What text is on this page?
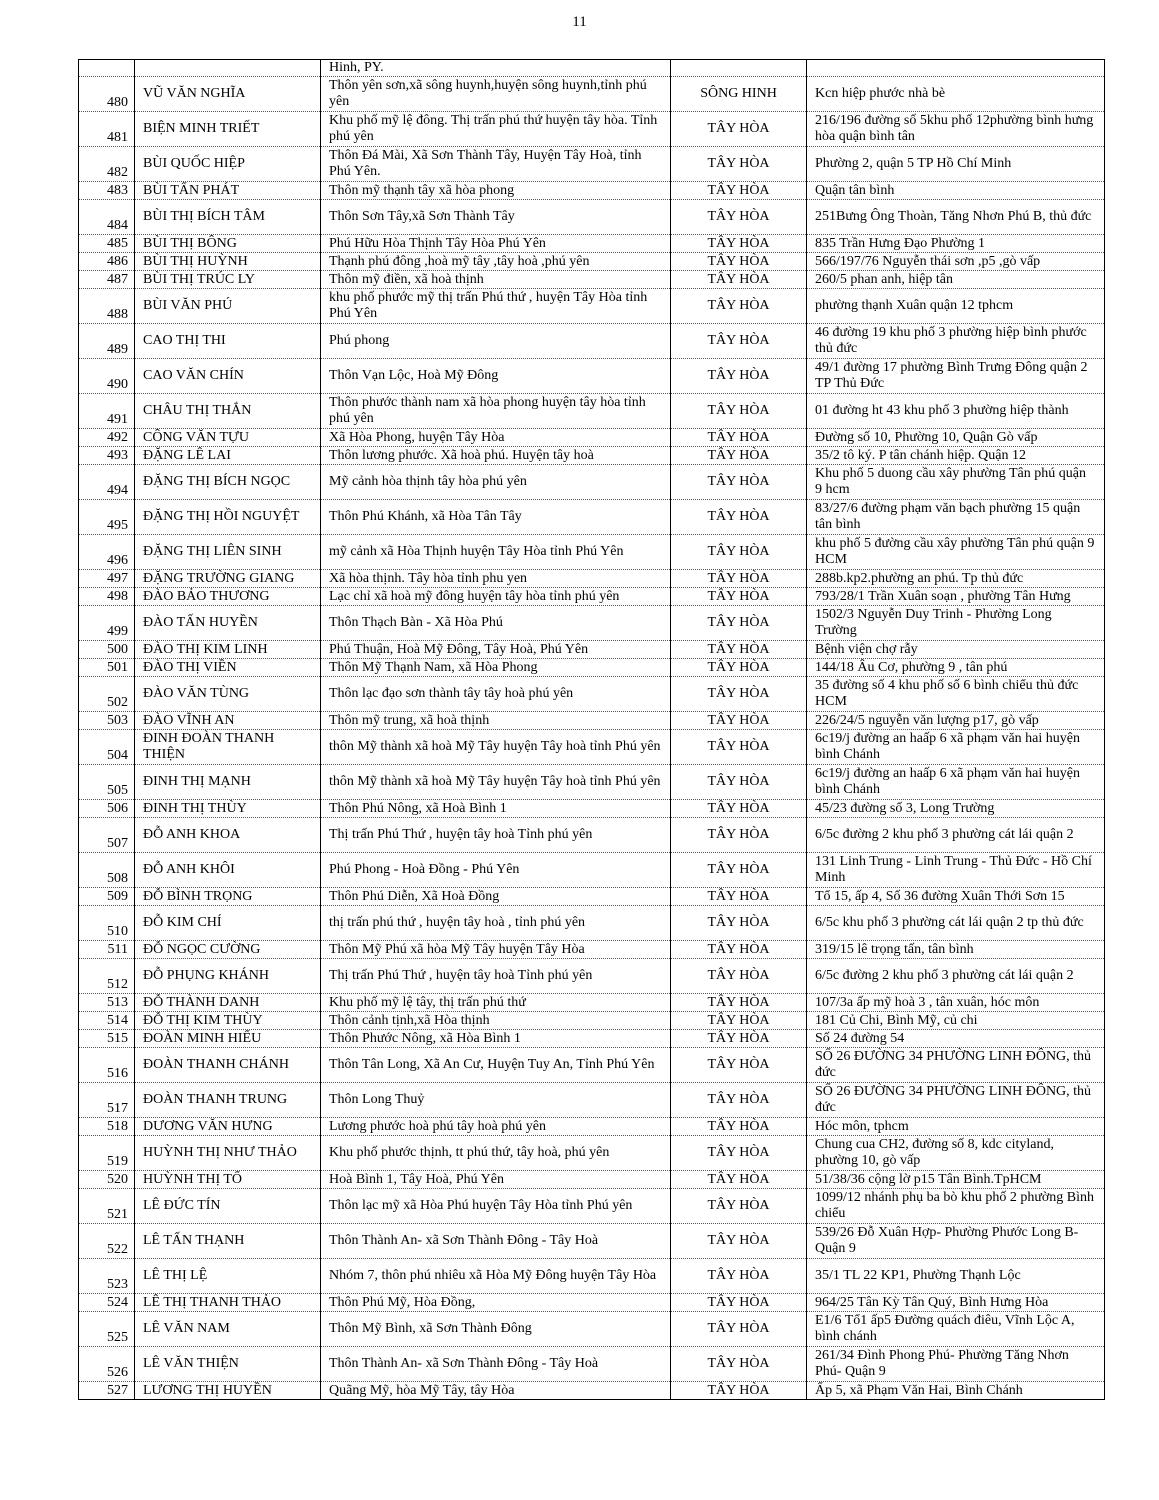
11
		Hinh, PY.		
480	VŨ VĂN NGHĨA	Thôn yên sơn,xã sông huynh,huyện sông huynh,tỉnh phú yên	SÔNG HINH	Kcn hiệp phước nhà bè
481	BIỆN MINH TRIẾT	Khu phố mỹ lệ đông. Thị trấn phú thứ huyện tây hòa. Tỉnh phú yên	TÂY HÒA	216/196 đường số 5khu phố 12phường bình hưng hòa quận bình tân
482	BÙI QUỐC HIỆP	Thôn Đá Mài, Xã Sơn Thành Tây, Huyện Tây Hoà, tỉnh Phú Yên.	TÂY HÒA	Phường 2, quận 5 TP Hồ Chí Minh
483	BÙI TẤN PHÁT	Thôn mỹ thạnh tây xã hòa phong	TÂY HÒA	Quận tân bình
484	BÙI THỊ BÍCH TÂM	Thôn Sơn Tây,xã Sơn Thành Tây	TÂY HÒA	251Bưng Ông Thoàn, Tăng Nhơn Phú B, thủ đức
485	BÙI THỊ BÔNG	Phú Hữu Hòa Thịnh Tây Hòa Phú Yên	TÂY HÒA	835 Trần Hưng Đạo Phường 1
486	BÙI THỊ HUỲNH	Thạnh phú đông ,hoà mỹ tây ,tây hoà ,phú yên	TÂY HÒA	566/197/76 Nguyễn thái sơn ,p5 ,gò vấp
487	BÙI THỊ TRÚC LY	Thôn mỹ điền, xã hoà thịnh	TÂY HÒA	260/5 phan anh, hiệp tân
488	BÙI VĂN PHÚ	khu phố phước mỹ thị trấn Phú thứ , huyện Tây Hòa tỉnh Phú Yên	TÂY HÒA	phường thạnh Xuân quận 12 tphcm
489	CAO THỊ THI	Phú phong	TÂY HÒA	46 đường 19 khu phố 3 phường hiệp bình phước thủ đức
490	CAO VĂN CHÍN	Thôn Vạn Lộc, Hoà Mỹ Đông	TÂY HÒA	49/1 đường 17 phường Bình Trưng Đông quận 2 TP Thủ Đức
491	CHÂU THỊ THẮN	Thôn phước thành nam xã hòa phong huyện tây hòa tỉnh phú yên	TÂY HÒA	01 đường ht 43 khu phố 3 phường hiệp thành
492	CÔNG VĂN TỰU	Xã Hòa Phong, huyện Tây Hòa	TÂY HÒA	Đường số 10, Phường 10, Quận Gò vấp
493	ĐẶNG LÊ LAI	Thôn lương phước. Xã hoà phú. Huyện tây hoà	TÂY HÒA	35/2 tô ký. P tân chánh hiệp. Quận 12
494	ĐẶNG THỊ BÍCH NGỌC	Mỹ cảnh hòa thịnh tây hòa phú yên	TÂY HÒA	Khu phố 5 duong cầu xây phường Tân phú quận 9 hcm
495	ĐẶNG THỊ HỒI NGUYỆT	Thôn Phú Khánh, xã Hòa Tân Tây	TÂY HÒA	83/27/6 đường phạm văn bạch phường 15 quận tân bình
496	ĐẶNG THỊ LIÊN SINH	mỹ cảnh xã Hòa Thịnh huyện Tây Hòa tỉnh Phú Yên	TÂY HÒA	khu phố 5 đường cầu xây phường Tân phú quận 9 HCM
497	ĐẶNG TRƯỜNG GIANG	Xã hòa thịnh. Tây hòa tỉnh phu yen	TÂY HÒA	288b.kp2.phường an phú. Tp thủ đức
498	ĐÀO BẢO THƯƠNG	Lạc chỉ xã hoà mỹ đông huyện tây hòa tỉnh phú yên	TÂY HÒA	793/28/1 Trần Xuân soạn , phường Tân Hưng
499	ĐÀO TẤN HUYỀN	Thôn Thạch Bàn - Xã Hòa Phú	TÂY HÒA	1502/3 Nguyễn Duy Trinh - Phường Long Trường
500	ĐÀO THỊ KIM LINH	Phú Thuận, Hoà Mỹ Đông, Tây Hoà, Phú Yên	TÂY HÒA	Bệnh viện chợ rẫy
501	ĐÀO THỊ VIỀN	Thôn Mỹ Thạnh Nam, xã Hòa Phong	TÂY HÒA	144/18 Âu Cơ, phường 9 , tân phú
502	ĐÀO VĂN TÙNG	Thôn lạc đạo sơn thành tây tây hoà phú yên	TÂY HÒA	35 đường số 4 khu phố số 6 bình chiểu thủ đức HCM
503	ĐÀO VĨNH AN	Thôn mỹ trung, xã hoà thịnh	TÂY HÒA	226/24/5 nguyễn văn lượng p17, gò vấp
504	ĐINH ĐOÀN THANH THIỆN	thôn Mỹ thành xã hoà Mỹ Tây huyện Tây hoà tỉnh Phú yên	TÂY HÒA	6c19/j đường an haấp 6 xã phạm văn hai huyện bình Chánh
505	ĐINH THỊ MẠNH	thôn Mỹ thành xã hoà Mỹ Tây huyện Tây hoà tỉnh Phú yên	TÂY HÒA	6c19/j đường an haấp 6 xã phạm văn hai huyện bình Chánh
506	ĐINH THỊ THÙY	Thôn Phú Nông, xã Hoà Bình 1	TÂY HÒA	45/23 đường số 3, Long Trường
507	ĐỖ ANH KHOA	Thị trấn Phú Thứ , huyện tây hoà Tỉnh phú yên	TÂY HÒA	6/5c đường 2 khu phố 3 phường cát lái quận 2
508	ĐỖ ANH KHÔI	Phú Phong - Hoà Đồng - Phú Yên	TÂY HÒA	131 Linh Trung - Linh Trung - Thủ Đức - Hồ Chí Minh
509	ĐỖ BÌNH TRỌNG	Thôn Phú Diễn, Xã Hoà Đồng	TÂY HÒA	Tổ 15, ấp 4, Số 36 đường Xuân Thới Sơn 15
510	ĐỖ KIM CHÍ	thị trấn phú thứ , huyện tây hoà , tỉnh phú yên	TÂY HÒA	6/5c khu phố 3 phường cát lái quận 2 tp thủ đức
511	ĐỖ NGỌC CƯỜNG	Thôn Mỹ Phú xã hòa Mỹ Tây huyện Tây Hòa	TÂY HÒA	319/15 lê trọng tấn, tân bình
512	ĐỖ PHỤNG KHÁNH	Thị trấn Phú Thứ , huyện tây hoà Tỉnh phú yên	TÂY HÒA	6/5c đường 2 khu phố 3 phường cát lái quận 2
513	ĐỖ THÀNH DANH	Khu phố mỹ lệ tây, thị trấn phú thứ	TÂY HÒA	107/3a ấp mỹ hoà 3 , tân xuân, hóc môn
514	ĐỖ THỊ KIM THÙY	Thôn cảnh tịnh,xã Hòa thịnh	TÂY HÒA	181 Củ Chi, Bình Mỹ, củ chi
515	ĐOÀN MINH HIẾU	Thôn Phước Nông, xã Hòa Bình 1	TÂY HÒA	Số 24 đường 54
516	ĐOÀN THANH CHÁNH	Thôn Tân Long, Xã An Cư, Huyện Tuy An, Tỉnh Phú Yên	TÂY HÒA	SỐ 26 ĐƯỜNG 34 PHƯỜNG LINH ĐÔNG, thủ đức
517	ĐOÀN THANH TRUNG	Thôn Long Thuỷ	TÂY HÒA	SỐ 26 ĐƯỜNG 34 PHƯỜNG LINH ĐÔNG, thủ đức
518	DƯƠNG VĂN HƯNG	Lương phước hoà phú tây hoà phú yên	TÂY HÒA	Hóc môn, tphcm
519	HUỲNH THỊ NHƯ THẢO	Khu phố phước thịnh, tt phú thứ, tây hoà, phú yên	TÂY HÒA	Chung cua CH2, đường số 8, kdc cityland, phường 10, gò vấp
520	HUỲNH THỊ TỐ	Hoà Bình 1, Tây Hoà, Phú Yên	TÂY HÒA	51/38/36 cộng lờ p15 Tân Bình.TpHCM
521	LÊ ĐỨC TÍN	Thôn lạc mỹ xã Hòa Phú huyện Tây Hòa tỉnh Phú yên	TÂY HÒA	1099/12 nhánh phụ ba bò khu phố 2 phường Bình chiểu
522	LÊ TẤN THẠNH	Thôn Thành An- xã Sơn Thành Đông - Tây Hoà	TÂY HÒA	539/26 Đỗ Xuân Hợp- Phường Phước Long B- Quận 9
523	LÊ THỊ LỆ	Nhóm 7, thôn phú nhiêu xã Hòa Mỹ Đông huyện Tây Hòa	TÂY HÒA	35/1 TL 22 KP1, Phường Thạnh Lộc
524	LÊ THỊ THANH THẢO	Thôn Phú Mỹ, Hòa Đồng,	TÂY HÒA	964/25 Tân Kỳ Tân Quý, Bình Hưng Hòa
525	LÊ VĂN NAM	Thôn Mỹ Bình, xã Sơn Thành Đông	TÂY HÒA	E1/6 Tổ1 ấp5 Đường quách điêu, Vĩnh Lộc A, bình chánh
526	LÊ VĂN THIỆN	Thôn Thành An- xã Sơn Thành Đông - Tây Hoà	TÂY HÒA	261/34 Đình Phong Phú- Phường Tăng Nhơn Phú- Quận 9
527	LƯƠNG THỊ HUYỀN	Quãng Mỹ, hòa Mỹ Tây, tây Hòa	TÂY HÒA	Ấp 5, xã Phạm Văn Hai, Bình Chánh
